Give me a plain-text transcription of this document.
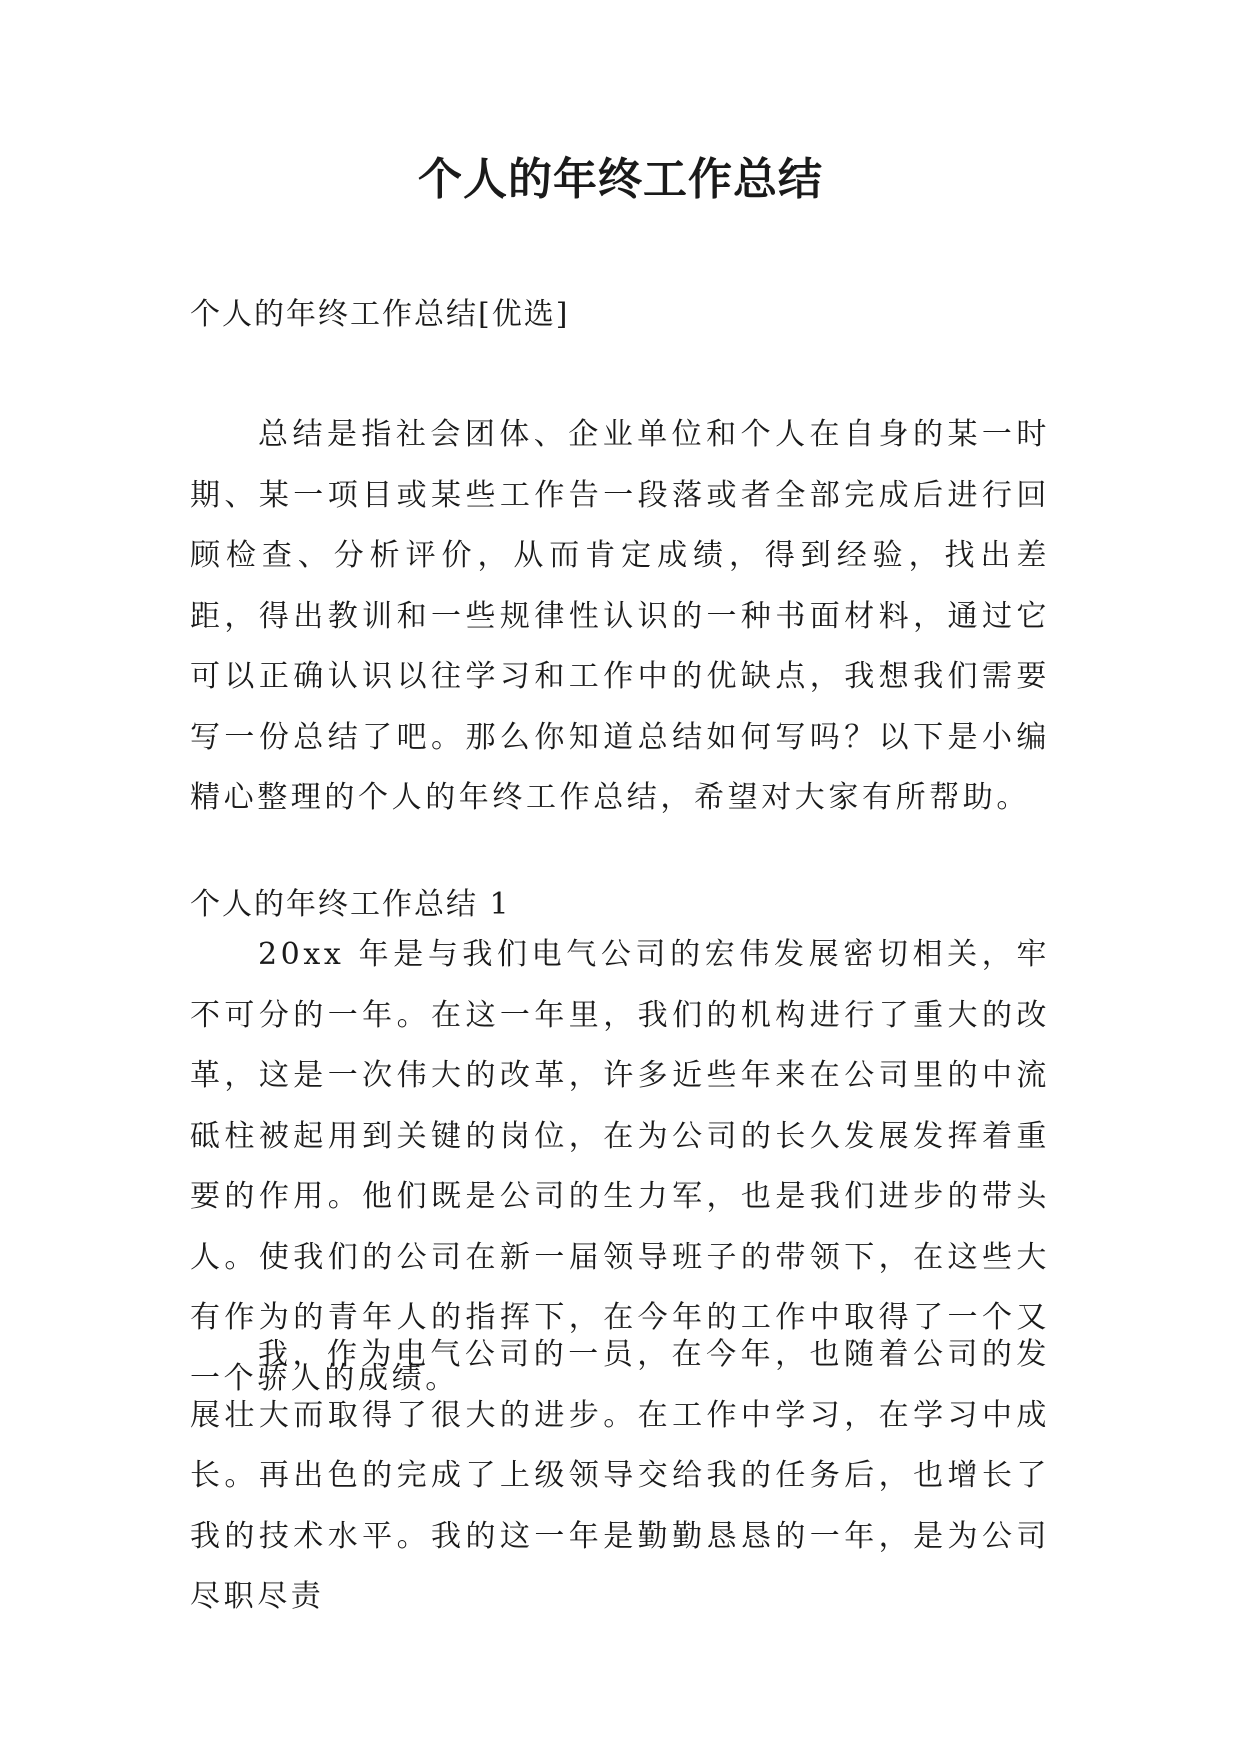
个人的年终工作总结

个人的年终工作总结[优选]

总结是指社会团体、企业单位和个人在自身的某一时期、某一项目或某些工作告一段落或者全部完成后进行回顾检查、分析评价，从而肯定成绩，得到经验，找出差距，得出教训和一些规律性认识的一种书面材料，通过它可以正确认识以往学习和工作中的优缺点，我想我们需要写一份总结了吧。那么你知道总结如何写吗？以下是小编精心整理的个人的年终工作总结，希望对大家有所帮助。

个人的年终工作总结 1

20xx 年是与我们电气公司的宏伟发展密切相关，牢不可分的一年。在这一年里，我们的机构进行了重大的改革，这是一次伟大的改革，许多近些年来在公司里的中流砥柱被起用到关键的岗位，在为公司的长久发展发挥着重要的作用。他们既是公司的生力军，也是我们进步的带头人。使我们的公司在新一届领导班子的带领下，在这些大有作为的青年人的指挥下，在今年的工作中取得了一个又一个骄人的成绩。

我，作为电气公司的一员，在今年，也随着公司的发展壮大而取得了很大的进步。在工作中学习，在学习中成长。再出色的完成了上级领导交给我的任务后，也增长了我的技术水平。我的这一年是勤勤恳恳的一年，是为公司尽职尽责
